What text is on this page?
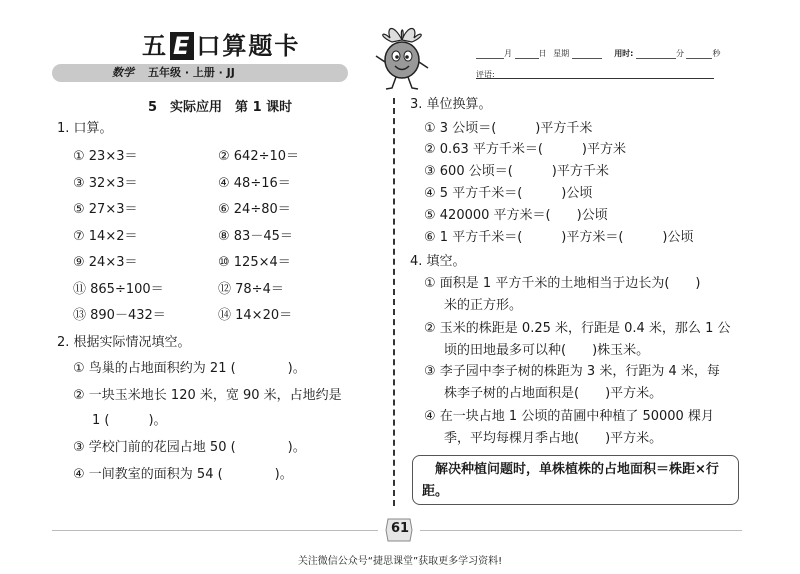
五 E 口算题卡
数学 五年级 · 上册 · JJ
月	日 星期	用时:	分	秒
评语:
5　实际应用　第 1 课时
1. 口算。
① 23×3＝	② 642÷10＝
③ 32×3＝	④ 48÷16＝
⑤ 27×3＝	⑥ 24÷80＝
⑦ 14×2＝	⑧ 83－45＝
⑨ 24×3＝	⑩ 125×4＝
⑪ 865÷100＝	⑫ 78÷4＝
⑬ 890－432＝	⑭ 14×20＝
2. 根据实际情况填空。
① 鸟巢的占地面积约为 21 (　　　　)。
② 一块玉米地长 120 米，宽 90 米，占地约是
1 (　　　)。
③ 学校门前的花园占地 50 (　　　　)。
④ 一间教室的面积为 54 (　　　　)。
3. 单位换算。
① 3 公顷＝(　　　)平方千米
② 0.63 平方千米＝(　　　)平方米
③ 600 公顷＝(　　　)平方千米
④ 5 平方千米＝(　　　)公顷
⑤ 420000 平方米＝(　　)公顷
⑥ 1 平方千米＝(　　　)平方米＝(　　　)公顷
4. 填空。
① 面积是 1 平方千米的土地相当于边长为(　　)
米的正方形。
② 玉米的株距是 0.25 米，行距是 0.4 米，那么 1 公
顷的田地最多可以种(　　)株玉米。
③ 李子园中李子树的株距为 3 米，行距为 4 米，每
株李子树的占地面积是(　　)平方米。
④ 在一块占地 1 公顷的苗圃中种植了 50000 棵月
季，平均每棵月季占地(　　)平方米。
　解决种植问题时，单株植株的占地面积＝株距×行距。
61
关注微信公众号“捷思课堂”获取更多学习资料!
